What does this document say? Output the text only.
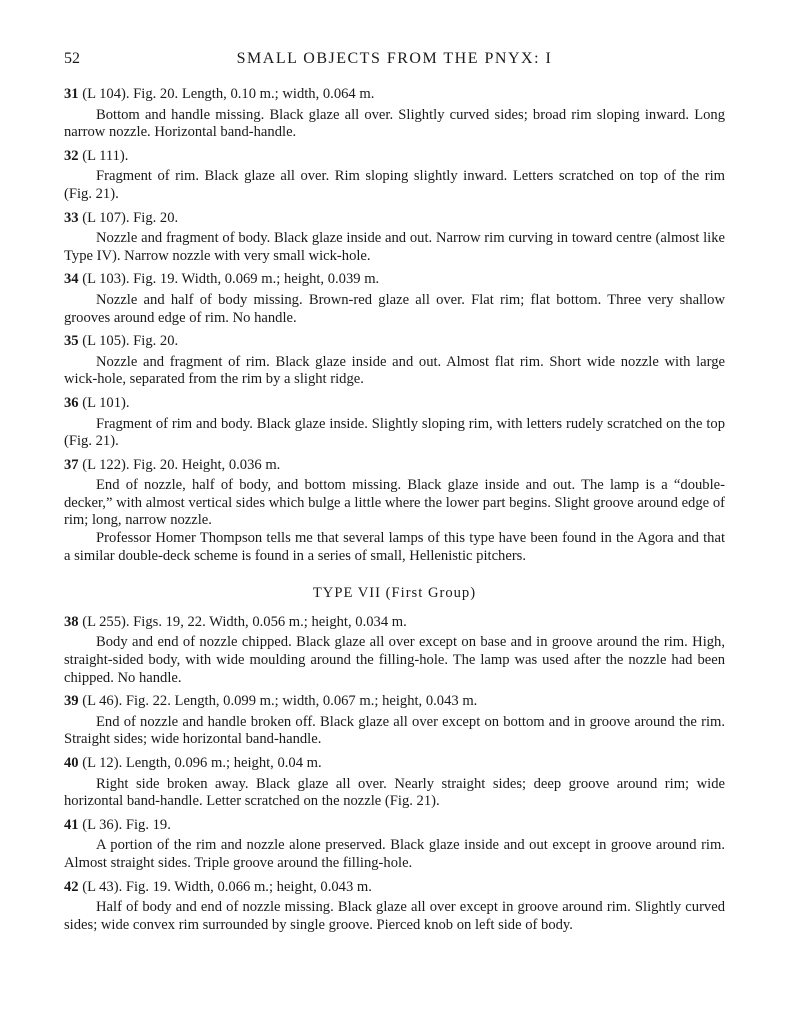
52	SMALL OBJECTS FROM THE PNYX: I

31 (L 104). Fig. 20. Length, 0.10 m.; width, 0.064 m.

Bottom and handle missing. Black glaze all over. Slightly curved sides; broad rim sloping inward. Long narrow nozzle. Horizontal band-handle.

32 (L 111).

Fragment of rim. Black glaze all over. Rim sloping slightly inward. Letters scratched on top of the rim (Fig. 21).

33 (L 107). Fig. 20.

Nozzle and fragment of body. Black glaze inside and out. Narrow rim curving in toward centre (almost like Type IV). Narrow nozzle with very small wick-hole.

34 (L 103). Fig. 19. Width, 0.069 m.; height, 0.039 m.

Nozzle and half of body missing. Brown-red glaze all over. Flat rim; flat bottom. Three very shallow grooves around edge of rim. No handle.

35 (L 105). Fig. 20.

Nozzle and fragment of rim. Black glaze inside and out. Almost flat rim. Short wide nozzle with large wick-hole, separated from the rim by a slight ridge.

36 (L 101).

Fragment of rim and body. Black glaze inside. Slightly sloping rim, with letters rudely scratched on the top (Fig. 21).

37 (L 122). Fig. 20. Height, 0.036 m.

End of nozzle, half of body, and bottom missing. Black glaze inside and out. The lamp is a “double-decker,” with almost vertical sides which bulge a little where the lower part begins. Slight groove around edge of rim; long, narrow nozzle.

Professor Homer Thompson tells me that several lamps of this type have been found in the Agora and that a similar double-deck scheme is found in a series of small, Hellenistic pitchers.

TYPE VII (First Group)

38 (L 255). Figs. 19, 22. Width, 0.056 m.; height, 0.034 m.

Body and end of nozzle chipped. Black glaze all over except on base and in groove around the rim. High, straight-sided body, with wide moulding around the filling-hole. The lamp was used after the nozzle had been chipped. No handle.

39 (L 46). Fig. 22. Length, 0.099 m.; width, 0.067 m.; height, 0.043 m.

End of nozzle and handle broken off. Black glaze all over except on bottom and in groove around the rim. Straight sides; wide horizontal band-handle.

40 (L 12). Length, 0.096 m.; height, 0.04 m.

Right side broken away. Black glaze all over. Nearly straight sides; deep groove around rim; wide horizontal band-handle. Letter scratched on the nozzle (Fig. 21).

41 (L 36). Fig. 19.

A portion of the rim and nozzle alone preserved. Black glaze inside and out except in groove around rim. Almost straight sides. Triple groove around the filling-hole.

42 (L 43). Fig. 19. Width, 0.066 m.; height, 0.043 m.

Half of body and end of nozzle missing. Black glaze all over except in groove around rim. Slightly curved sides; wide convex rim surrounded by single groove. Pierced knob on left side of body.
